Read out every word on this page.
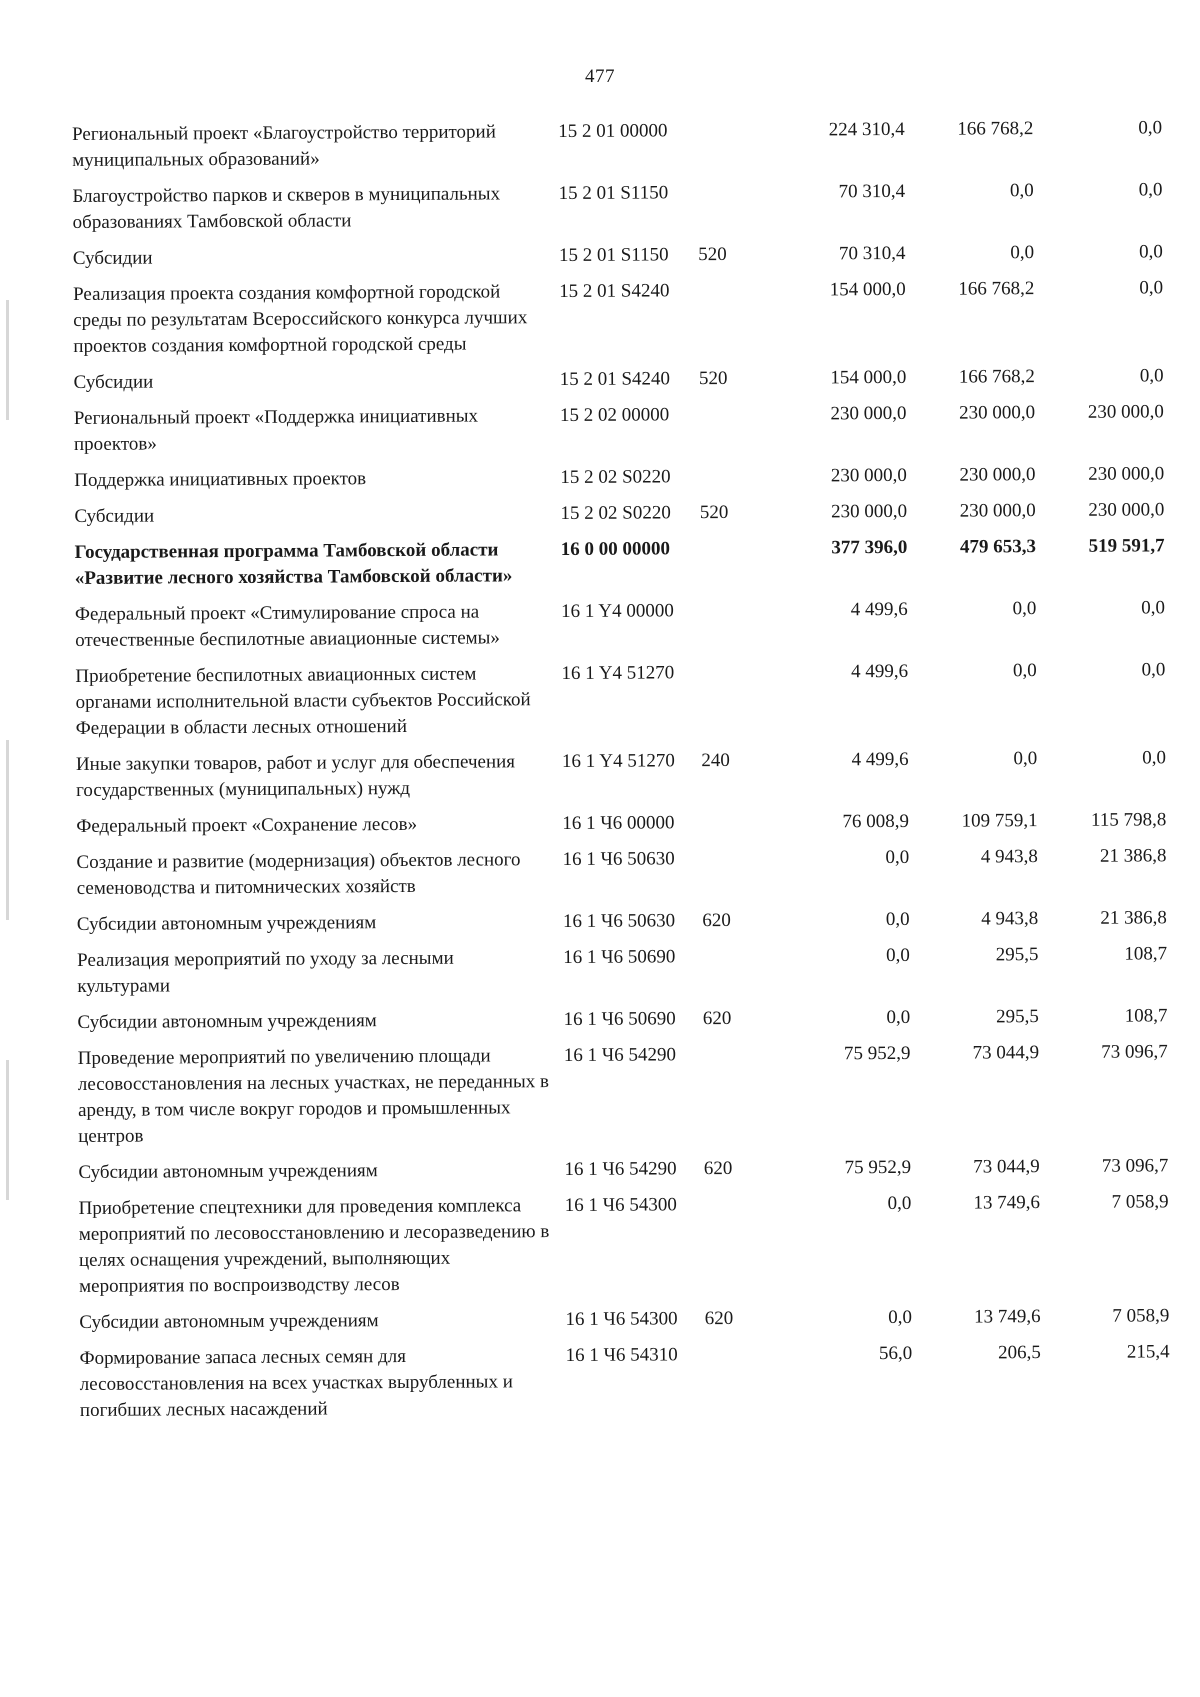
477
Региональный проект «Благоустройство территорий муниципальных образований»	15 2 01 00000		224 310,4	166 768,2	0,0
Благоустройство парков и скверов в муниципальных образованиях Тамбовской области	15 2 01 S1150		70 310,4	0,0	0,0
Субсидии	15 2 01 S1150	520	70 310,4	0,0	0,0
Реализация проекта создания комфортной городской среды по результатам Всероссийского конкурса лучших проектов создания комфортной городской среды	15 2 01 S4240		154 000,0	166 768,2	0,0
Субсидии	15 2 01 S4240	520	154 000,0	166 768,2	0,0
Региональный проект «Поддержка инициативных проектов»	15 2 02 00000		230 000,0	230 000,0	230 000,0
Поддержка инициативных проектов	15 2 02 S0220		230 000,0	230 000,0	230 000,0
Субсидии	15 2 02 S0220	520	230 000,0	230 000,0	230 000,0
Государственная программа Тамбовской области «Развитие лесного хозяйства Тамбовской области»	16 0 00 00000		377 396,0	479 653,3	519 591,7
Федеральный проект «Стимулирование спроса на отечественные беспилотные авиационные системы»	16 1 Y4 00000		4 499,6	0,0	0,0
Приобретение беспилотных авиационных систем органами исполнительной власти субъектов Российской Федерации в области лесных отношений	16 1 Y4 51270		4 499,6	0,0	0,0
Иные закупки товаров, работ и услуг для обеспечения государственных (муниципальных) нужд	16 1 Y4 51270	240	4 499,6	0,0	0,0
Федеральный проект «Сохранение лесов»	16 1 Ч6 00000		76 008,9	109 759,1	115 798,8
Создание и развитие (модернизация) объектов лесного семеноводства и питомнических хозяйств	16 1 Ч6 50630		0,0	4 943,8	21 386,8
Субсидии автономным учреждениям	16 1 Ч6 50630	620	0,0	4 943,8	21 386,8
Реализация мероприятий по уходу за лесными культурами	16 1 Ч6 50690		0,0	295,5	108,7
Субсидии автономным учреждениям	16 1 Ч6 50690	620	0,0	295,5	108,7
Проведение мероприятий по увеличению площади лесовосстановления на лесных участках, не переданных в аренду, в том числе вокруг городов и промышленных центров	16 1 Ч6 54290		75 952,9	73 044,9	73 096,7
Субсидии автономным учреждениям	16 1 Ч6 54290	620	75 952,9	73 044,9	73 096,7
Приобретение спецтехники для проведения комплекса мероприятий по лесовосстановлению и лесоразведению в целях оснащения учреждений, выполняющих мероприятия по воспроизводству лесов	16 1 Ч6 54300		0,0	13 749,6	7 058,9
Субсидии автономным учреждениям	16 1 Ч6 54300	620	0,0	13 749,6	7 058,9
Формирование запаса лесных семян для лесовосстановления на всех участках вырубленных и погибших лесных насаждений	16 1 Ч6 54310		56,0	206,5	215,4
